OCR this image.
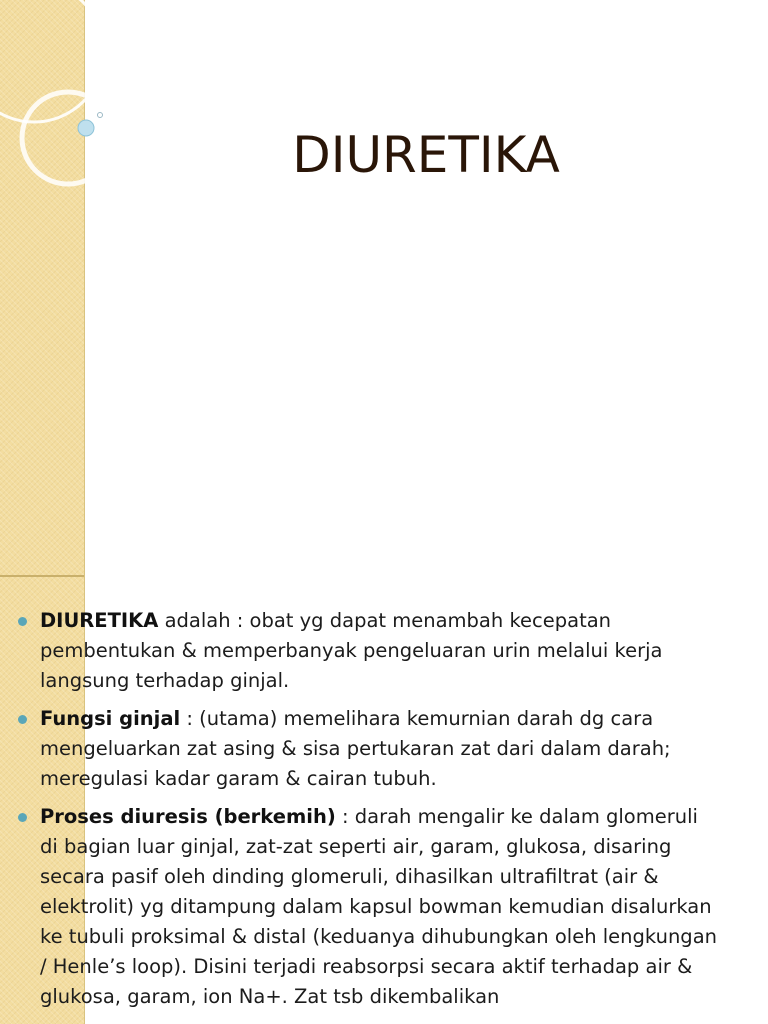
DIURETIKA
DIURETIKA adalah : obat yg dapat menambah kecepatan pembentukan & memperbanyak pengeluaran urin melalui kerja langsung terhadap ginjal.
Fungsi ginjal : (utama) memelihara kemurnian darah dg cara mengeluarkan zat asing & sisa pertukaran zat dari dalam darah; meregulasi kadar garam & cairan tubuh.
Proses diuresis (berkemih) : darah mengalir ke dalam glomeruli di bagian luar ginjal, zat-zat seperti air, garam, glukosa, disaring secara pasif oleh dinding glomeruli, dihasilkan ultrafiltrat (air & elektrolit) yg ditampung dalam kapsul bowman kemudian disalurkan ke tubuli proksimal & distal (keduanya dihubungkan oleh lengkungan / Henle’s loop). Disini terjadi reabsorpsi secara aktif terhadap air & glukosa, garam, ion Na+. Zat tsb dikembalikan
